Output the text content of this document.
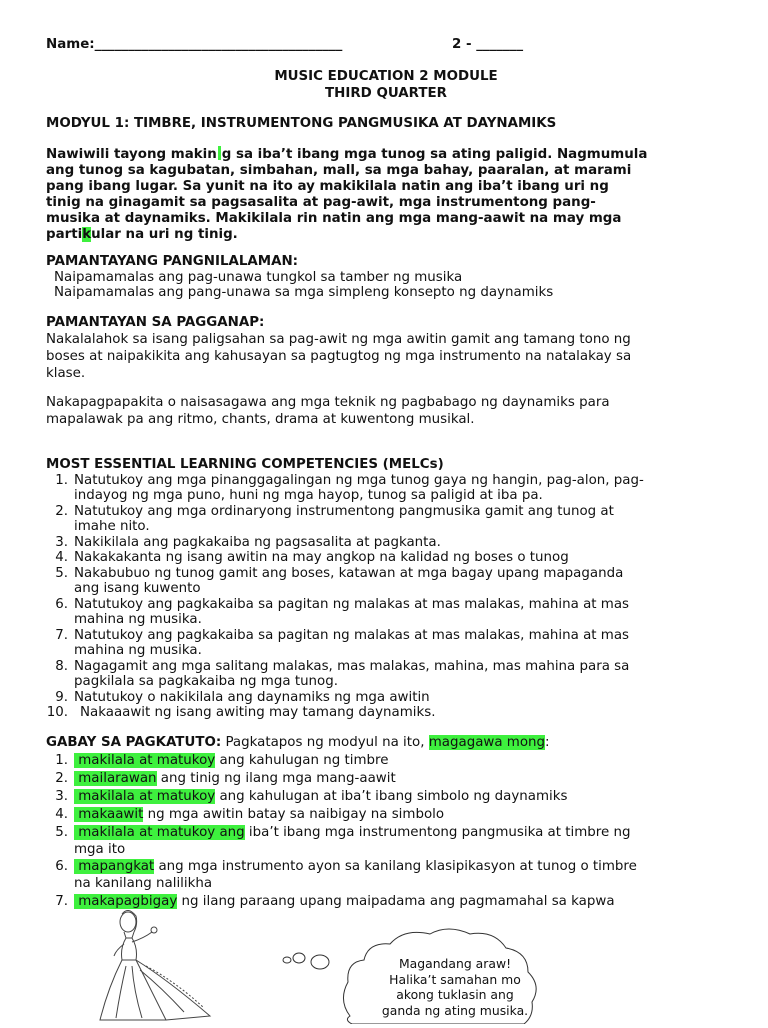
Name:_____________________________________	2 - _______
MUSIC EDUCATION 2 MODULE
THIRD QUARTER
MODYUL 1: TIMBRE, INSTRUMENTONG PANGMUSIKA AT DAYNAMIKS
Nawiwili tayong makin g sa iba’t ibang mga tunog sa ating paligid. Nagmumula
ang tunog sa kagubatan, simbahan, mall, sa mga bahay, paaralan, at marami
pang ibang lugar. Sa yunit na ito ay makikilala natin ang iba’t ibang uri ng
tinig na ginagamit sa pagsasalita at pag-awit, mga instrumentong pang-
musika at daynamiks. Makikilala rin natin ang mga mang-aawit na may mga
partikular na uri ng tinig.
PAMANTAYANG PANGNILALAMAN:
Naipamamalas ang pag-unawa tungkol sa tamber ng musika
Naipamamalas ang pang-unawa sa mga simpleng konsepto ng daynamiks
PAMANTAYAN SA PAGGANAP:
Nakalalahok sa isang paligsahan sa pag-awit ng mga awitin gamit ang tamang tono ng
boses at naipakikita ang kahusayan sa pagtugtog ng mga instrumento na natalakay sa
klase.
Nakapagpapakita o naisasagawa ang mga teknik ng pagbabago ng daynamiks para
mapalawak pa ang ritmo, chants, drama at kuwentong musikal.
MOST ESSENTIAL LEARNING COMPETENCIES (MELCs)
1. Natutukoy ang mga pinanggagalingan ng mga tunog gaya ng hangin, pag-alon, pag-
indayog ng mga puno, huni ng mga hayop, tunog sa paligid at iba pa.
2. Natutukoy ang mga ordinaryong instrumentong pangmusika gamit ang tunog at
imahe nito.
3. Nakikilala ang pagkakaiba ng pagsasalita at pagkanta.
4. Nakakakanta ng isang awitin na may angkop na kalidad ng boses o tunog
5. Nakabubuo ng tunog gamit ang boses, katawan at mga bagay upang mapaganda
ang isang kuwento
6. Natutukoy ang pagkakaiba sa pagitan ng malakas at mas malakas, mahina at mas
mahina ng musika.
7. Natutukoy ang pagkakaiba sa pagitan ng malakas at mas malakas, mahina at mas
mahina ng musika.
8. Nagagamit ang mga salitang malakas, mas malakas, mahina, mas mahina para sa
pagkilala sa pagkakaiba ng mga tunog.
9. Natutukoy o nakikilala ang daynamiks ng mga awitin
10. Nakaaawit ng isang awiting may tamang daynamiks.
GABAY SA PAGKATUTO: Pagkatapos ng modyul na ito, magagawa mong:
1. makilala at matukoy ang kahulugan ng timbre
2. mailarawan ang tinig ng ilang mga mang-aawit
3. makilala at matukoy ang kahulugan at iba’t ibang simbolo ng daynamiks
4. makaawit ng mga awitin batay sa naibigay na simbolo
5. makilala at matukoy ang iba’t ibang mga instrumentong pangmusika at timbre ng
mga ito
6. mapangkat ang mga instrumento ayon sa kanilang klasipikasyon at tunog o timbre
na kanilang nalilikha
7. makapagbigay ng ilang paraang upang maipadama ang pagmamahal sa kapwa
Magandang araw!
Halika’t samahan mo
akong tuklasin ang
ganda ng ating musika.
